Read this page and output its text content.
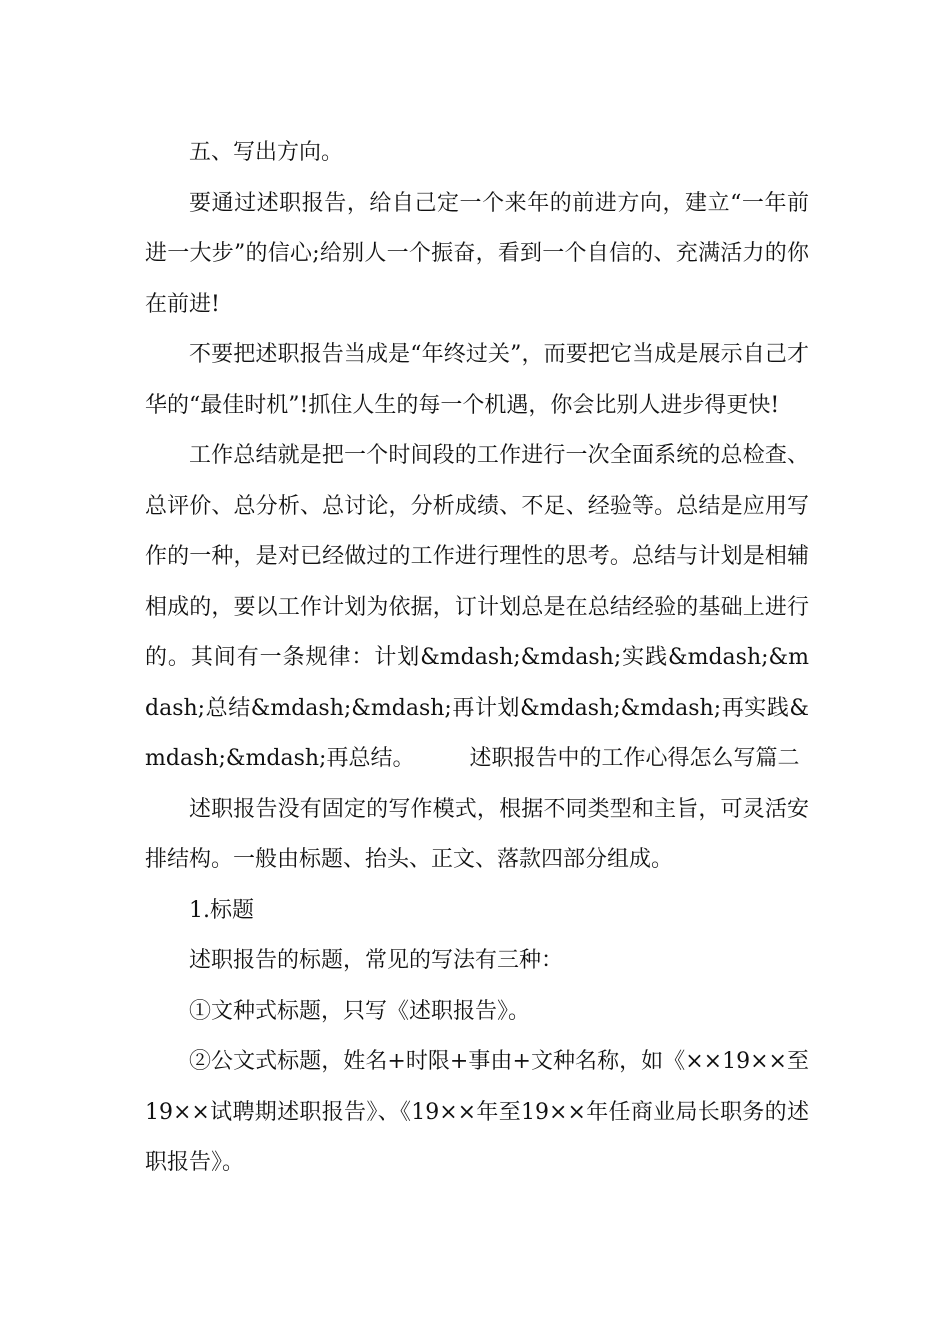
五、写出方向。

要通过述职报告，给自己定一个来年的前进方向，建立“一年前进一大步”的信心;给别人一个振奋，看到一个自信的、充满活力的你在前进!

不要把述职报告当成是“年终过关”，而要把它当成是展示自己才华的“最佳时机”!抓住人生的每一个机遇，你会比别人进步得更快!

工作总结就是把一个时间段的工作进行一次全面系统的总检查、总评价、总分析、总讨论，分析成绩、不足、经验等。总结是应用写作的一种，是对已经做过的工作进行理性的思考。总结与计划是相辅相成的，要以工作计划为依据，订计划总是在总结经验的基础上进行的。其间有一条规律：计划&mdash;&mdash;实践&mdash;&mdash;总结&mdash;&mdash;再计划&mdash;&mdash;再实践&mdash;&mdash;再总结。　　　述职报告中的工作心得怎么写篇二

述职报告没有固定的写作模式，根据不同类型和主旨，可灵活安排结构。一般由标题、抬头、正文、落款四部分组成。

1.标题

述职报告的标题，常见的写法有三种：

①文种式标题，只写《述职报告》。

②公文式标题，姓名+时限+事由+文种名称，如《××19××至19××试聘期述职报告》、《19××年至19××年任商业局长职务的述职报告》。
